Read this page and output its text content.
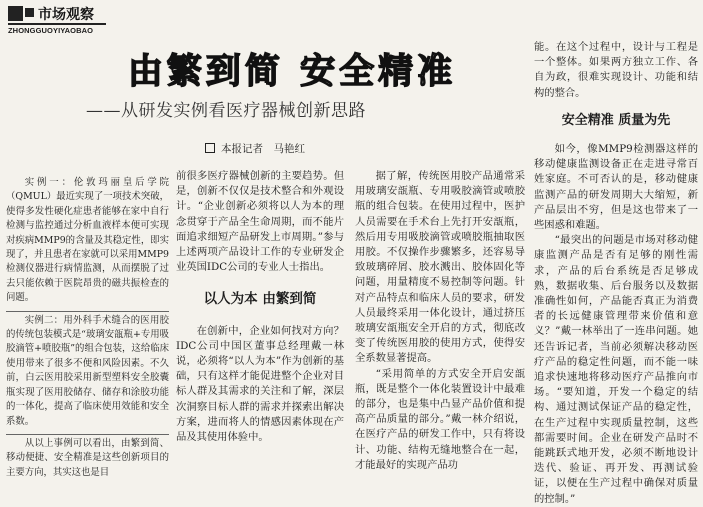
市场观察
ZHONGGUOYIYAOBAO
由繁到简 安全精准
——从研发实例看医疗器械创新思路
本报记者　马艳红

实例一：伦敦玛丽皇后学院（QMUL）最近实现了一项技术突破，使得多发性硬化症患者能够在家中自行检测与监控通过分析血液样本便可实现对疾病MMP9的含量及其稳定性，即实现了，并且患者在家就可以采用MMP9检测仪器进行病情监测，从而摆脱了过去只能依赖于医院昂贵的磁共振检查的问题。

实例二：用外科手术缝合的医用胶的传统包装模式是“玻璃安瓿瓶+专用吸胶滴管+喷胶瓶”的组合包装，这给临床使用带来了很多不便和风险因素。不久前，白云医用胶采用新型塑料安全胶囊瓶实现了医用胶储存、储存和涂胶功能的一体化，提高了临床使用效能和安全系数。

从以上事例可以看出，由繁到简、移动便捷、安全精准是这些创新项目的主要方向，其实这也是目

前很多医疗器械创新的主要趋势。但是，创新不仅仅是技术整合和外观设计。“企业创新必须将以人为本的理念贯穿于产品全生命周期，而不能片面追求细短产品研发上市周期。”参与上述两项产品设计工作的专业研发企业英国IDC公司的专业人士指出。

以人为本 由繁到简

在创新中，企业如何找对方向？IDC公司中国区董事总经理戴一林说，必须将“以人为本”作为创新的基础，只有这样才能促进整个企业对目标人群及其需求的关注和了解，深层次洞察目标人群的需求并探索出解决方案，进而将人的情感因素体现在产品及其使用体验中。

据了解，传统医用胶产品通常采用玻璃安瓿瓶、专用吸胶滴管或喷胶瓶的组合包装。在使用过程中，医护人员需要在手术台上先打开安瓿瓶，然后用专用吸胶滴管或喷胶瓶抽取医用胶。不仅操作步骤繁多，还容易导致玻璃碎屑、胶水溅出、胶体固化等问题，用量精度不易控制等问题。针对产品特点和临床人员的要求，研发人员最终采用一体化设计，通过挤压玻璃安瓿瓶安全开启的方式，彻底改变了传统医用胶的使用方式，使得安全系数显著提高。

“采用简单的方式安全开启安瓿瓶，既是整个一体化装置设计中最难的部分，也是集中凸显产品价值和提高产品质量的部分。”戴一林介绍说，在医疗产品的研发工作中，只有将设计、功能、结构无缝地整合在一起，才能最好的实现产品功

能。在这个过程中，设计与工程是一个整体。如果两方独立工作、各自为政，很难实现设计、功能和结构的整合。

安全精准 质量为先

如今，像MMP9检测器这样的移动健康监测设备正在走进寻常百姓家庭。不可否认的是，移动健康监测产品的研发周期大大缩短，新产品层出不穷，但是这也带来了一些困惑和难题。

“最突出的问题是市场对移动健康监测产品是否有足够的刚性需求，产品的后台系统是否足够成熟，数据收集、后台服务以及数据准确性如何，产品能否真正为消费者的长远健康管理带来价值和意义？”戴一林举出了一连串问题。她还告诉记者，当前必须解决移动医疗产品的稳定性问题，而不能一味追求快速地将移动医疗产品推向市场。“要知道，开发一个稳定的结构、通过测试保证产品的稳定性，在生产过程中实现质量控制，这些都需要时间。企业在研发产品时不能跳跃式地开发，必须不断地设计迭代、验证、再开发、再测试验证，以便在生产过程中确保对质量的控制。”
